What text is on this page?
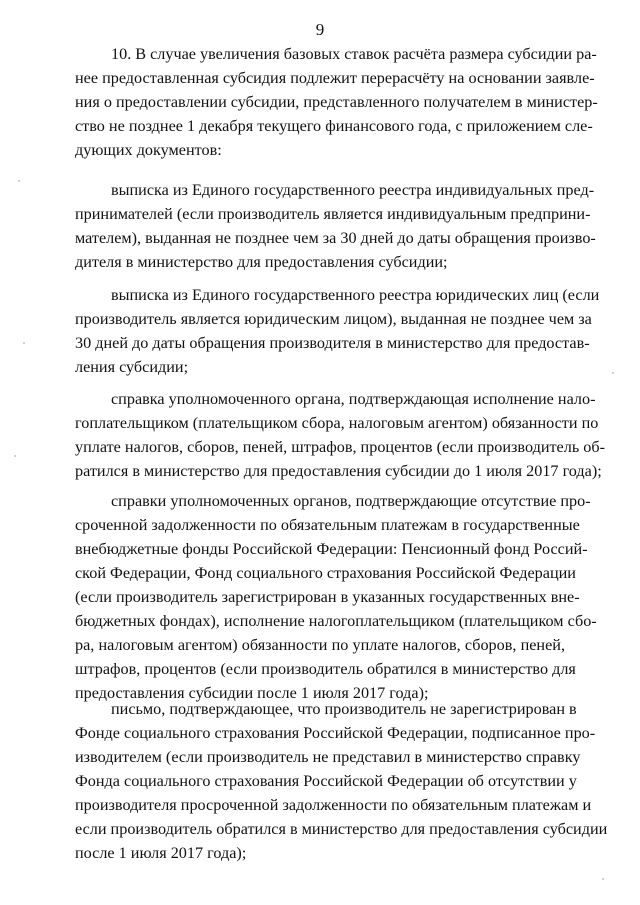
9
10. В случае увеличения базовых ставок расчёта размера субсидии ра-
нее предоставленная субсидия подлежит перерасчёту на основании заявле-
ния о предоставлении субсидии, представленного получателем в министер-
ство не позднее 1 декабря текущего финансового года, с приложением сле-
дующих документов:
выписка из Единого государственного реестра индивидуальных пред-
принимателей (если производитель является индивидуальным предприни-
мателем), выданная не позднее чем за 30 дней до даты обращения произво-
дителя в министерство для предоставления субсидии;
выписка из Единого государственного реестра юридических лиц (если
производитель является юридическим лицом), выданная не позднее чем за
30 дней до даты обращения производителя в министерство для предостав-
ления субсидии;
справка уполномоченного органа, подтверждающая исполнение нало-
гоплательщиком (плательщиком сбора, налоговым агентом) обязанности по
уплате налогов, сборов, пеней, штрафов, процентов (если производитель об-
ратился в министерство для предоставления субсидии до 1 июля 2017 года);
справки уполномоченных органов, подтверждающие отсутствие про-
сроченной задолженности по обязательным платежам в государственные
внебюджетные фонды Российской Федерации: Пенсионный фонд Россий-
ской Федерации, Фонд социального страхования Российской Федерации
(если производитель зарегистрирован в указанных государственных вне-
бюджетных фондах), исполнение налогоплательщиком (плательщиком сбо-
ра, налоговым агентом) обязанности по уплате налогов, сборов, пеней,
штрафов, процентов (если производитель обратился в министерство для
предоставления субсидии после 1 июля 2017 года);
письмо, подтверждающее, что производитель не зарегистрирован в
Фонде социального страхования Российской Федерации, подписанное про-
изводителем (если производитель не представил в министерство справку
Фонда социального страхования Российской Федерации об отсутствии у
производителя просроченной задолженности по обязательным платежам и
если производитель обратился в министерство для предоставления субсидии
после 1 июля 2017 года);
